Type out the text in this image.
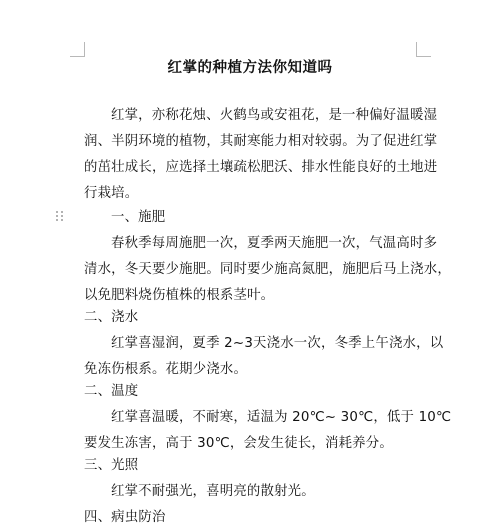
红掌的种植方法你知道吗
红掌，亦称花烛、火鹤鸟或安祖花，是一种偏好温暖湿
润、半阴环境的植物，其耐寒能力相对较弱。为了促进红掌
的茁壮成长，应选择土壤疏松肥沃、排水性能良好的土地进
行栽培。
一、施肥
春秋季每周施肥一次，夏季两天施肥一次，气温高时多
清水，冬天要少施肥。同时要少施高氮肥，施肥后马上浇水，
以免肥料烧伤植株的根系茎叶。
二、浇水
红掌喜湿润，夏季 2~3天浇水一次，冬季上午浇水，以
免冻伤根系。花期少浇水。
二、温度
红掌喜温暖，不耐寒，适温为 20℃~ 30℃，低于 10℃
要发生冻害，高于 30℃，会发生徒长，消耗养分。
三、光照
红掌不耐强光，喜明亮的散射光。
四、病虫防治
